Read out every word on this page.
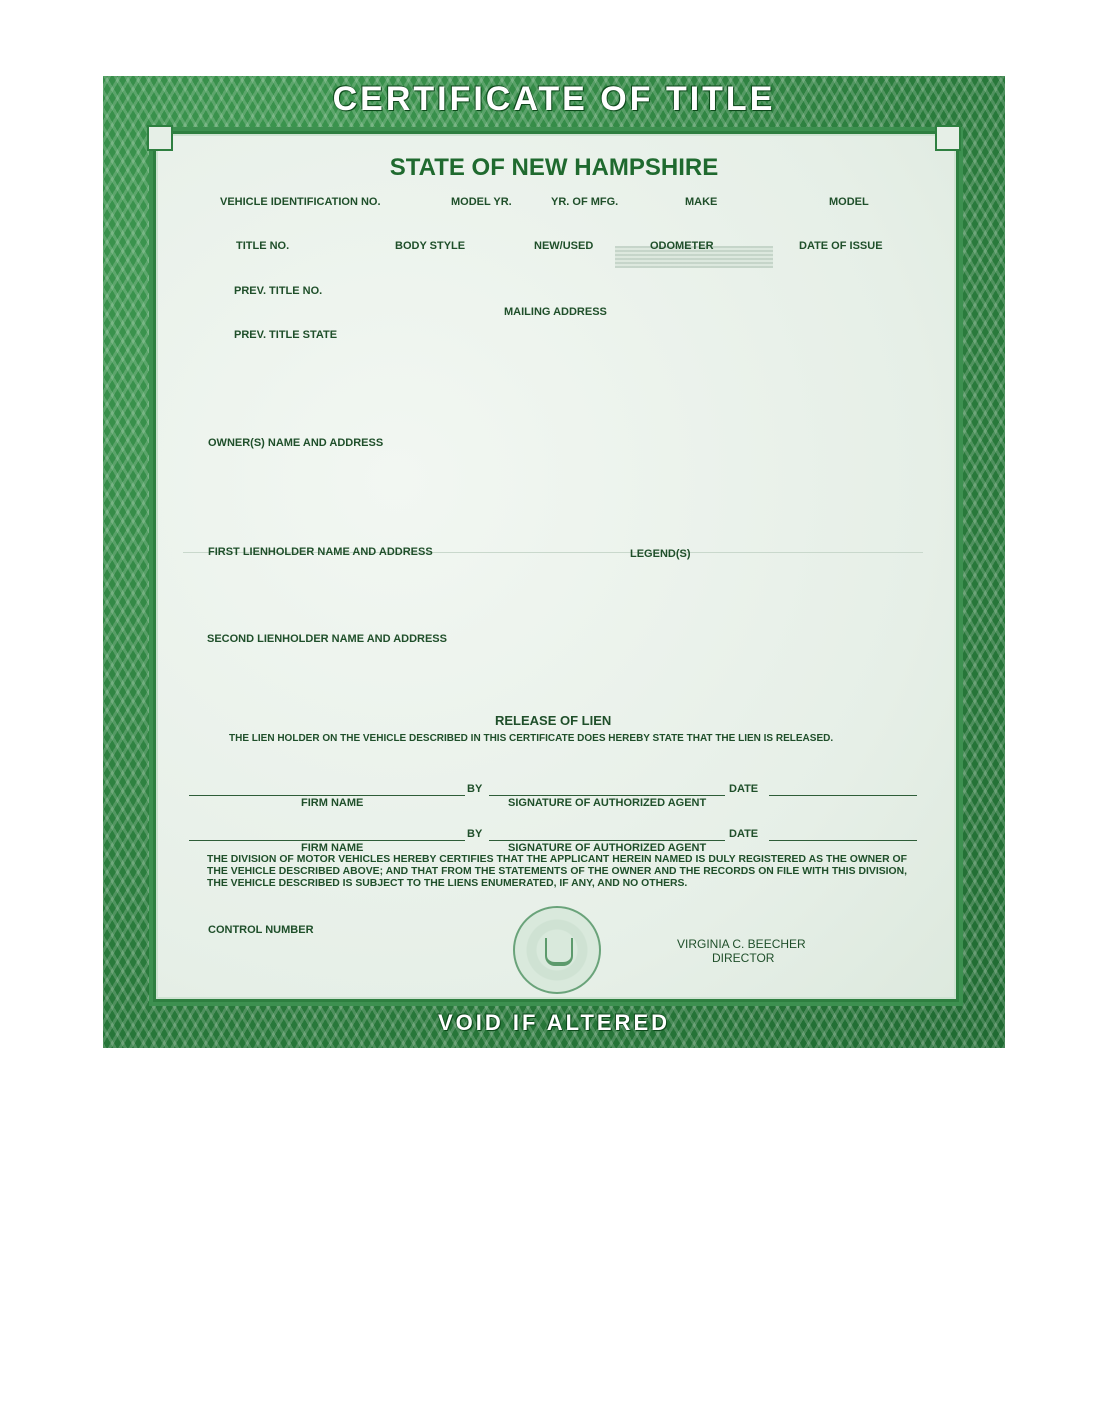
CERTIFICATE OF TITLE
STATE OF NEW HAMPSHIRE
VEHICLE IDENTIFICATION NO.	MODEL YR.	YR. OF MFG.	MAKE	MODEL
TITLE NO.	BODY STYLE	NEW/USED	ODOMETER	DATE OF ISSUE
PREV. TITLE NO.
MAILING ADDRESS
PREV. TITLE STATE
OWNER(S) NAME AND ADDRESS
FIRST LIENHOLDER NAME AND ADDRESS	LEGEND(S)
SECOND LIENHOLDER NAME AND ADDRESS
RELEASE OF LIEN
THE LIEN HOLDER ON THE VEHICLE DESCRIBED IN THIS CERTIFICATE DOES HEREBY STATE THAT THE LIEN IS RELEASED.
BY	DATE
FIRM NAME	SIGNATURE OF AUTHORIZED AGENT
BY	DATE
FIRM NAME	SIGNATURE OF AUTHORIZED AGENT
THE DIVISION OF MOTOR VEHICLES HEREBY CERTIFIES THAT THE APPLICANT HEREIN NAMED IS DULY REGISTERED AS THE OWNER OF THE VEHICLE DESCRIBED ABOVE; AND THAT FROM THE STATEMENTS OF THE OWNER AND THE RECORDS ON FILE WITH THIS DIVISION, THE VEHICLE DESCRIBED IS SUBJECT TO THE LIENS ENUMERATED, IF ANY, AND NO OTHERS.
CONTROL NUMBER
VIRGINIA C. BEECHER
DIRECTOR
VOID IF ALTERED
